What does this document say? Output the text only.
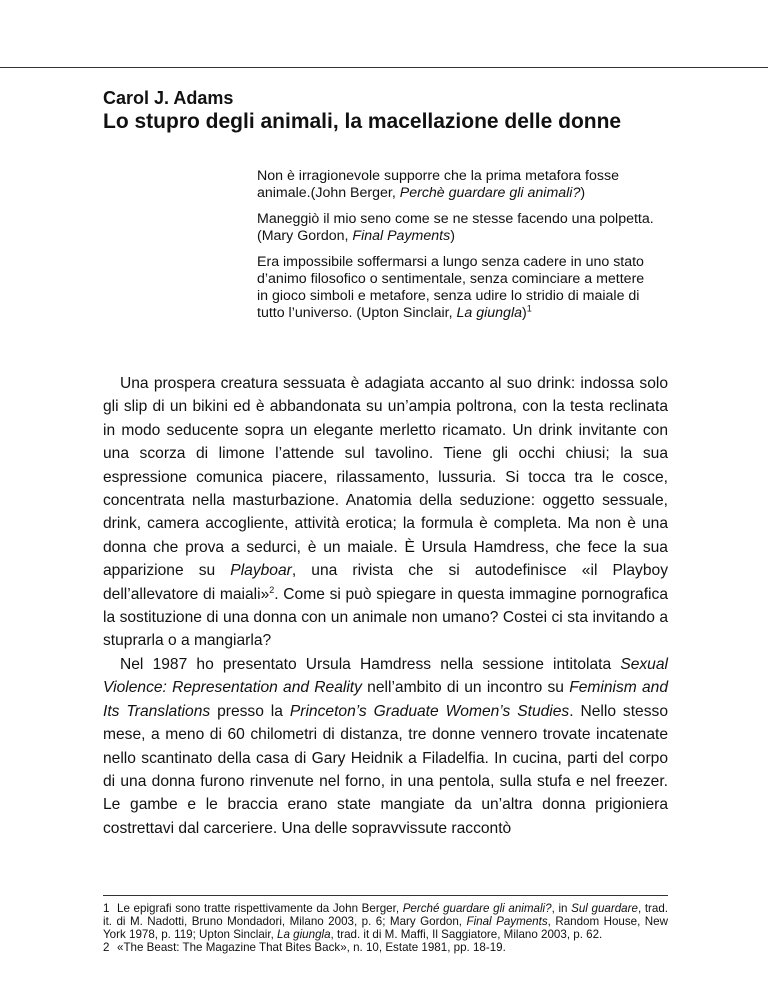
Carol J. Adams
Lo stupro degli animali, la macellazione delle donne

Non è irragionevole supporre che la prima metafora fosse animale.(John Berger, Perchè guardare gli animali?)

Maneggiò il mio seno come se ne stesse facendo una polpetta. (Mary Gordon, Final Payments)

Era impossibile soffermarsi a lungo senza cadere in uno stato d’animo filosofico o sentimentale, senza cominciare a mettere in gioco simboli e metafore, senza udire lo stridio di maiale di tutto l’universo. (Upton Sinclair, La giungla)$^1$

Una prospera creatura sessuata è adagiata accanto al suo drink: indossa solo gli slip di un bikini ed è abbandonata su un’ampia poltrona, con la testa reclinata in modo seducente sopra un elegante merletto ricamato. Un drink invitante con una scorza di limone l’attende sul tavolino. Tiene gli occhi chiusi; la sua espressione comunica piacere, rilassamento, lussuria. Si tocca tra le cosce, concentrata nella masturbazione. Anatomia della seduzione: oggetto sessuale, drink, camera accogliente, attività erotica; la formula è completa. Ma non è una donna che prova a sedurci, è un maiale. È Ursula Hamdress, che fece la sua apparizione su Playboar, una rivista che si autodefinisce «il Playboy dell’allevatore di maiali»$^2$. Come si può spiegare in questa immagine pornografica la sostituzione di una donna con un animale non umano? Costei ci sta invitando a stuprarla o a mangiarla?

Nel 1987 ho presentato Ursula Hamdress nella sessione intitolata Sexual Violence: Representation and Reality nell’ambito di un incontro su Feminism and Its Translations presso la Princeton’s Graduate Women’s Studies. Nello stesso mese, a meno di 60 chilometri di distanza, tre donne vennero trovate incatenate nello scantinato della casa di Gary Heidnik a Filadelfia. In cucina, parti del corpo di una donna furono rinvenute nel forno, in una pentola, sulla stufa e nel freezer. Le gambe e le braccia erano state mangiate da un’altra donna prigioniera costrettavi dal carceriere. Una delle sopravvissute raccontò

1 Le epigrafi sono tratte rispettivamente da John Berger, Perché guardare gli animali?, in Sul guardare, trad. it. di M. Nadotti, Bruno Mondadori, Milano 2003, p. 6; Mary Gordon, Final Payments, Random House, New York 1978, p. 119; Upton Sinclair, La giungla, trad. it di M. Maffi, Il Saggiatore, Milano 2003, p. 62.

2 «The Beast: The Magazine That Bites Back», n. 10, Estate 1981, pp. 18-19.
